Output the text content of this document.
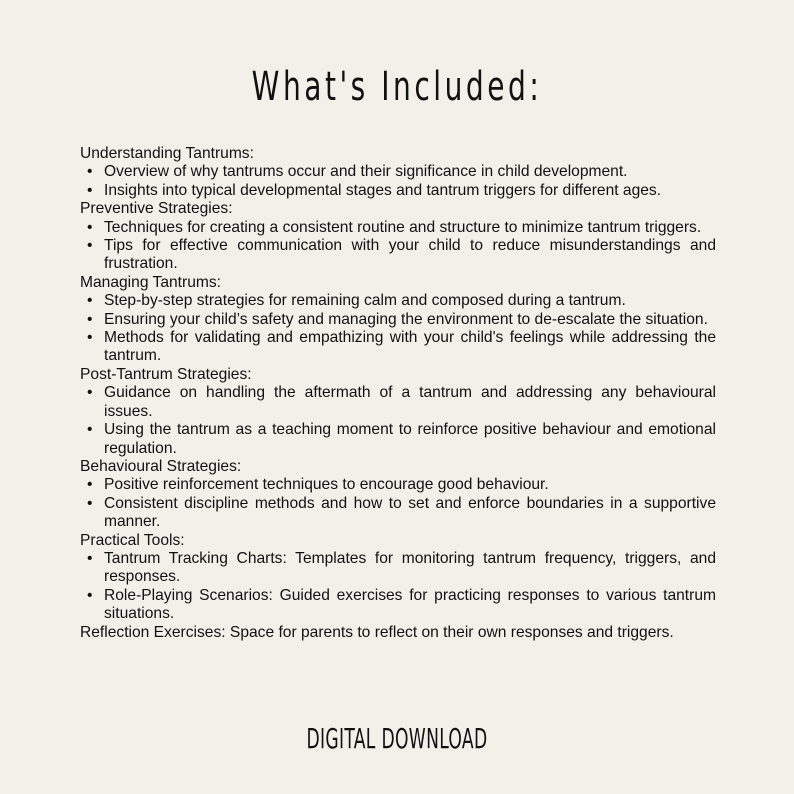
What's Included:

Understanding Tantrums:

• Overview of why tantrums occur and their significance in child development.
• Insights into typical developmental stages and tantrum triggers for different ages.

Preventive Strategies:

• Techniques for creating a consistent routine and structure to minimize tantrum triggers.
• Tips for effective communication with your child to reduce misunderstandings and frustration.

Managing Tantrums:

• Step-by-step strategies for remaining calm and composed during a tantrum.
• Ensuring your child’s safety and managing the environment to de-escalate the situation.
• Methods for validating and empathizing with your child's feelings while addressing the tantrum.

Post-Tantrum Strategies:

• Guidance on handling the aftermath of a tantrum and addressing any behavioural issues.
• Using the tantrum as a teaching moment to reinforce positive behaviour and emotional regulation.

Behavioural Strategies:

• Positive reinforcement techniques to encourage good behaviour.
• Consistent discipline methods and how to set and enforce boundaries in a supportive manner.

Practical Tools:

• Tantrum Tracking Charts: Templates for monitoring tantrum frequency, triggers, and responses.
• Role-Playing Scenarios: Guided exercises for practicing responses to various tantrum situations.

Reflection Exercises: Space for parents to reflect on their own responses and triggers.

DIGITAL DOWNLOAD
